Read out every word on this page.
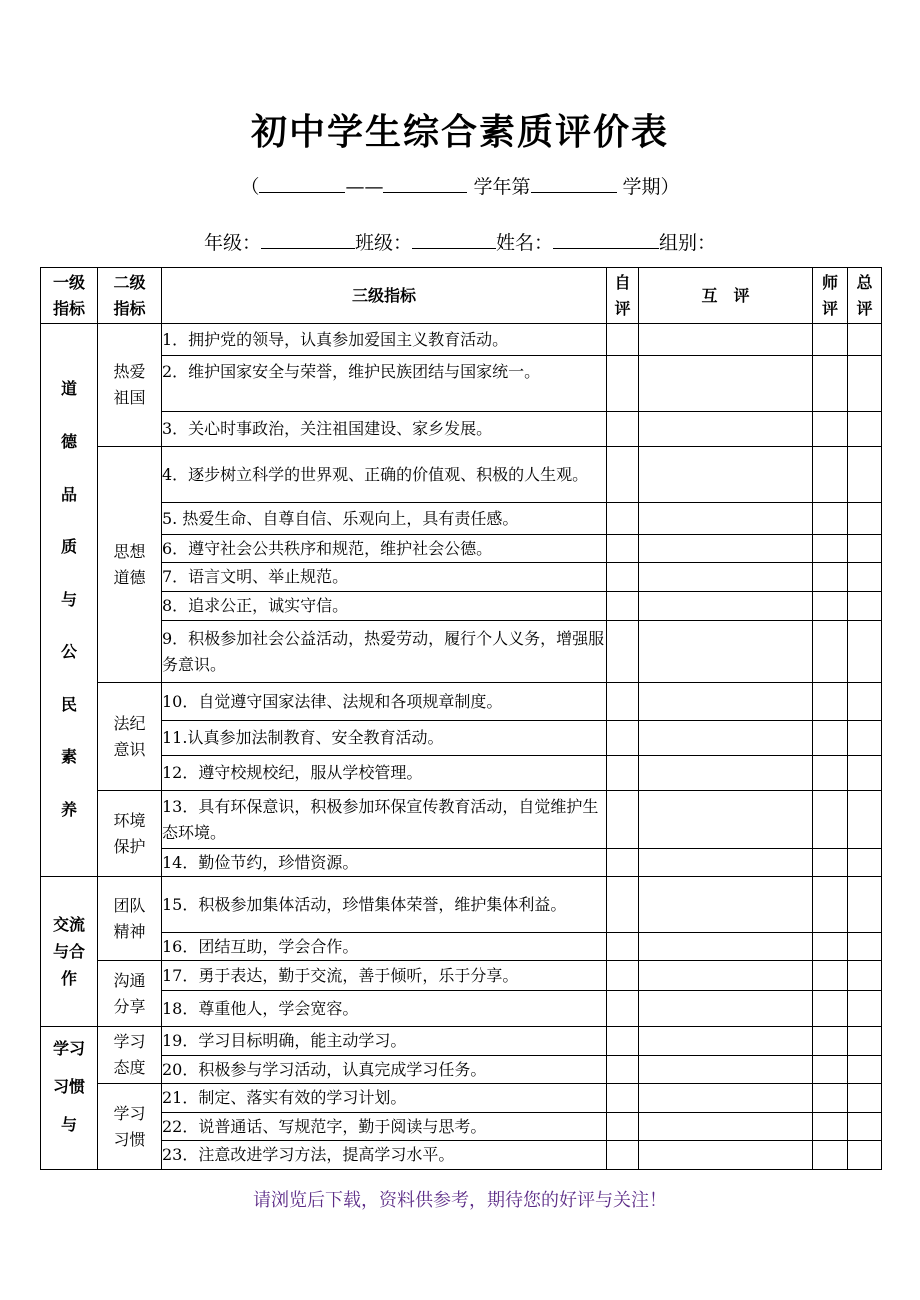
初中学生综合素质评价表
（	——	学年第	学期）
年级：	班级：	姓名：	组别：
一级指标	二级指标	三级指标	自评	互　评	师评	总评

道德品质与公民素养	热爱祖国	1．拥护党的领导，认真参加爱国主义教育活动。				
		2．维护国家安全与荣誉，维护民族团结与国家统一。				
		3．关心时事政治，关注祖国建设、家乡发展。				

	思想道德	4．逐步树立科学的世界观、正确的价值观、积极的人生观。				
		5. 热爱生命、自尊自信、乐观向上，具有责任感。				
		6．遵守社会公共秩序和规范，维护社会公德。				
		7．语言文明、举止规范。				
		8．追求公正，诚实守信。				
		9．积极参加社会公益活动，热爱劳动，履行个人义务，增强服务意识。				

	法纪意识	10．自觉遵守国家法律、法规和各项规章制度。				
		11.认真参加法制教育、安全教育活动。				
		12．遵守校规校纪，服从学校管理。				

	环境保护	13．具有环保意识，积极参加环保宣传教育活动，自觉维护生态环境。				
		14．勤俭节约，珍惜资源。				

交流与合作	团队精神	15．积极参加集体活动，珍惜集体荣誉，维护集体利益。				
		16．团结互助，学会合作。				

	沟通分享	17．勇于表达，勤于交流，善于倾听，乐于分享。				
		18．尊重他人，学会宽容。				

学习习惯与	学习态度	19．学习目标明确，能主动学习。				
		20．积极参与学习活动，认真完成学习任务。				

	学习习惯	21．制定、落实有效的学习计划。				
		22．说普通话、写规范字，勤于阅读与思考。				
		23．注意改进学习方法，提高学习水平。				
请浏览后下载，资料供参考，期待您的好评与关注！
